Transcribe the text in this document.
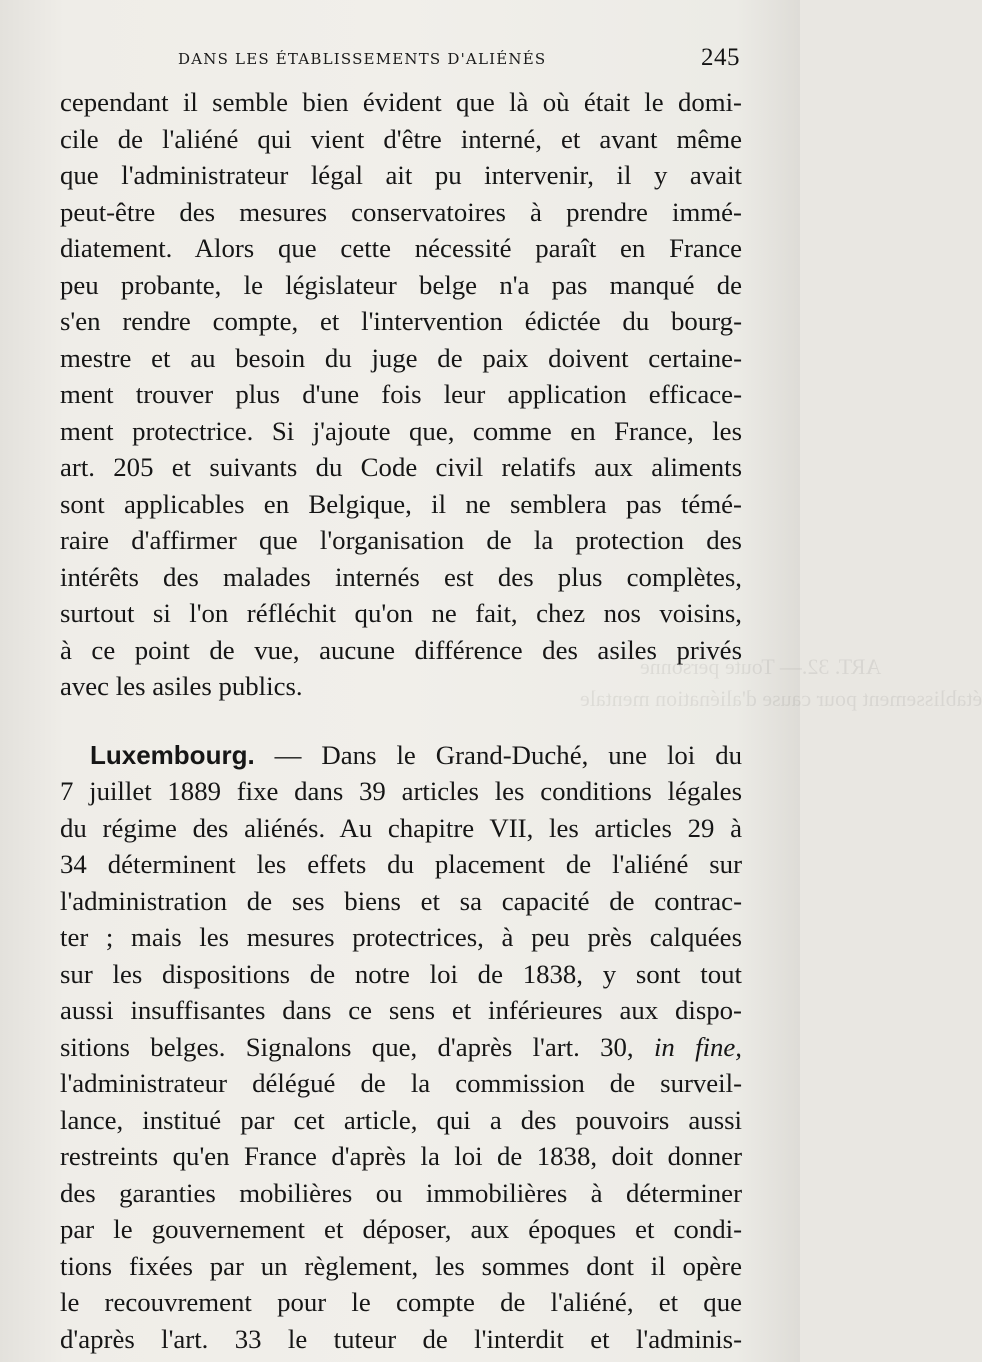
ART. 32.— Toute personne
établissement pour cause d'aliénation mentale
DANS LES ÉTABLISSEMENTS D'ALIÉNÉS	245
cependant il semble bien évident que là où était le domi-
cile de l'aliéné qui vient d'être interné, et avant même
que l'administrateur légal ait pu intervenir, il y avait
peut-être des mesures conservatoires à prendre immé-
diatement. Alors que cette nécessité paraît en France
peu probante, le législateur belge n'a pas manqué de
s'en rendre compte, et l'intervention édictée du bourg-
mestre et au besoin du juge de paix doivent certaine-
ment trouver plus d'une fois leur application efficace-
ment protectrice. Si j'ajoute que, comme en France, les
art. 205 et suivants du Code civil relatifs aux aliments
sont applicables en Belgique, il ne semblera pas témé-
raire d'affirmer que l'organisation de la protection des
intérêts des malades internés est des plus complètes,
surtout si l'on réfléchit qu'on ne fait, chez nos voisins,
à ce point de vue, aucune différence des asiles privés
avec les asiles publics.
Luxembourg. — Dans le Grand-Duché, une loi du
7 juillet 1889 fixe dans 39 articles les conditions légales
du régime des aliénés. Au chapitre VII, les articles 29 à
34 déterminent les effets du placement de l'aliéné sur
l'administration de ses biens et sa capacité de contrac-
ter ; mais les mesures protectrices, à peu près calquées
sur les dispositions de notre loi de 1838, y sont tout
aussi insuffisantes dans ce sens et inférieures aux dispo-
sitions belges. Signalons que, d'après l'art. 30, in fine,
l'administrateur délégué de la commission de surveil-
lance, institué par cet article, qui a des pouvoirs aussi
restreints qu'en France d'après la loi de 1838, doit donner
des garanties mobilières ou immobilières à déterminer
par le gouvernement et déposer, aux époques et condi-
tions fixées par un règlement, les sommes dont il opère
le recouvrement pour le compte de l'aliéné, et que
d'après l'art. 33 le tuteur de l'interdit et l'adminis-
